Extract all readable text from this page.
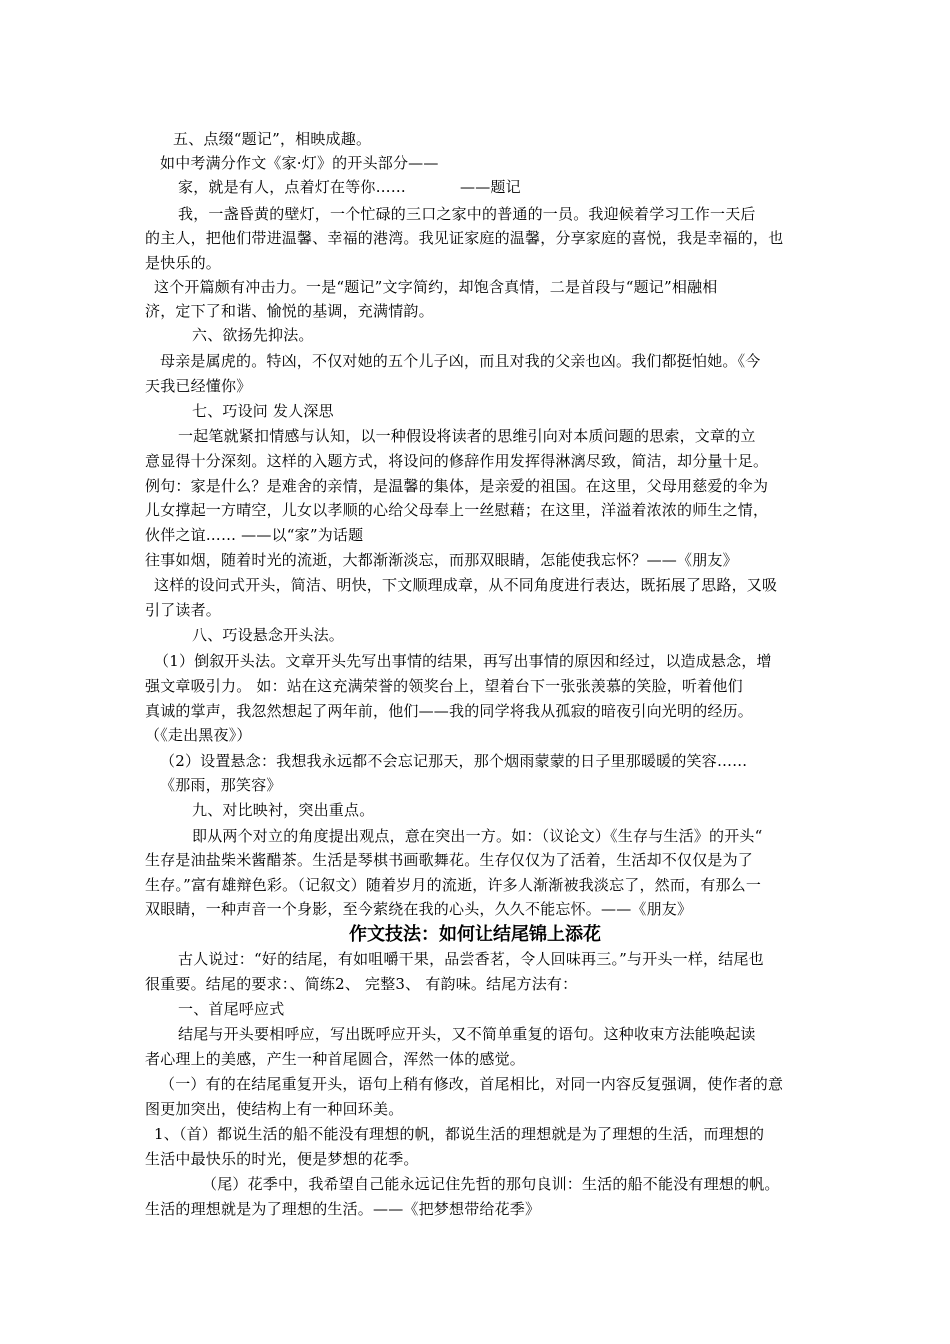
五、点缀“题记”，相映成趣。
如中考满分作文《家·灯》的开头部分——
家，就是有人，点着灯在等你……	——题记
我，一盏昏黄的壁灯，一个忙碌的三口之家中的普通的一员。我迎候着学习工作一天后
的主人，把他们带进温馨、幸福的港湾。我见证家庭的温馨，分享家庭的喜悦，我是幸福的，也
是快乐的。
这个开篇颇有冲击力。一是“题记”文字简约，却饱含真情，二是首段与“题记”相融相
济，定下了和谐、愉悦的基调，充满情韵。
六、欲扬先抑法。
母亲是属虎的。特凶，不仅对她的五个儿子凶，而且对我的父亲也凶。我们都挺怕她。《今
天我已经懂你》
七、巧设问 发人深思
一起笔就紧扣情感与认知，以一种假设将读者的思维引向对本质问题的思索，文章的立
意显得十分深刻。这样的入题方式，将设问的修辞作用发挥得淋漓尽致，简洁，却分量十足。
例句：家是什么？是难舍的亲情，是温馨的集体，是亲爱的祖国。在这里，父母用慈爱的伞为
儿女撑起一方晴空，儿女以孝顺的心给父母奉上一丝慰藉；在这里，洋溢着浓浓的师生之情，
伙伴之谊…… ——以“家”为话题
往事如烟，随着时光的流逝，大都渐渐淡忘，而那双眼睛，怎能使我忘怀？——《朋友》
这样的设问式开头，简洁、明快，下文顺理成章，从不同角度进行表达，既拓展了思路，又吸
引了读者。
八、巧设悬念开头法。
（1）倒叙开头法。文章开头先写出事情的结果，再写出事情的原因和经过，以造成悬念，增
强文章吸引力。 如：站在这充满荣誉的领奖台上，望着台下一张张羡慕的笑脸，听着他们
真诚的掌声，我忽然想起了两年前，他们——我的同学将我从孤寂的暗夜引向光明的经历。
（《走出黑夜》）
（2）设置悬念：我想我永远都不会忘记那天，那个烟雨蒙蒙的日子里那暖暖的笑容……
《那雨，那笑容》
九、对比映衬，突出重点。
即从两个对立的角度提出观点，意在突出一方。如：（议论文）《生存与生活》的开头“
生存是油盐柴米酱醋茶。生活是琴棋书画歌舞花。生存仅仅为了活着，生活却不仅仅是为了
生存。”富有雄辩色彩。（记叙文）随着岁月的流逝，许多人渐渐被我淡忘了，然而，有那么一
双眼睛，一种声音一个身影，至今萦绕在我的心头，久久不能忘怀。——《朋友》
作文技法：如何让结尾锦上添花
古人说过：“好的结尾，有如咀嚼干果，品尝香茗，令人回味再三。”与开头一样，结尾也
很重要。结尾的要求：、简练2、 完整3、 有韵味。结尾方法有：
一、首尾呼应式
结尾与开头要相呼应，写出既呼应开头，又不简单重复的语句。这种收束方法能唤起读
者心理上的美感，产生一种首尾圆合，浑然一体的感觉。
（一）有的在结尾重复开头，语句上稍有修改，首尾相比，对同一内容反复强调，使作者的意
图更加突出，使结构上有一种回环美。
1、（首）都说生活的船不能没有理想的帆，都说生活的理想就是为了理想的生活，而理想的
生活中最快乐的时光，便是梦想的花季。
（尾）花季中，我希望自己能永远记住先哲的那句良训：生活的船不能没有理想的帆。
生活的理想就是为了理想的生活。——《把梦想带给花季》
